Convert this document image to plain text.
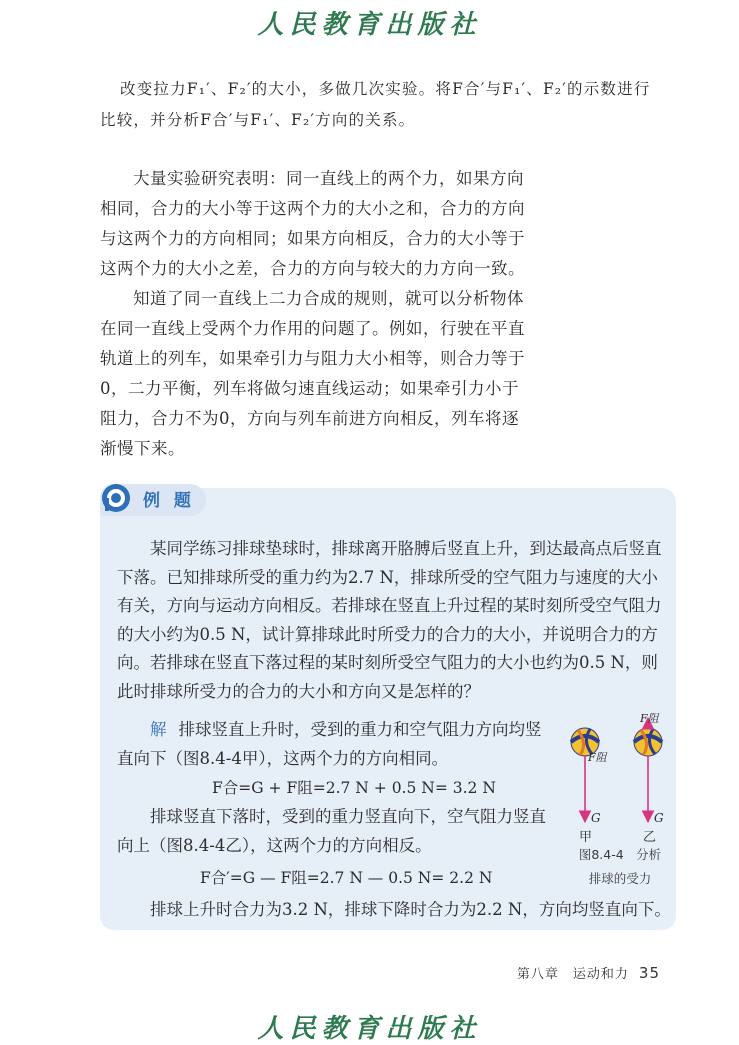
人民教育出版社
改变拉力F₁′、F₂′的大小，多做几次实验。将F合′与F₁′、F₂′的示数进行
比较，并分析F合′与F₁′、F₂′方向的关系。
大量实验研究表明：同一直线上的两个力，如果方向相同，合力的大小等于这两个力的大小之和，合力的方向与这两个力的方向相同；如果方向相反，合力的大小等于这两个力的大小之差，合力的方向与较大的力方向一致。
知道了同一直线上二力合成的规则，就可以分析物体在同一直线上受两个力作用的问题了。例如，行驶在平直轨道上的列车，如果牵引力与阻力大小相等，则合力等于0，二力平衡，列车将做匀速直线运动；如果牵引力小于阻力，合力不为0，方向与列车前进方向相反，列车将逐渐慢下来。
例 题
某同学练习排球垫球时，排球离开胳膊后竖直上升，到达最高点后竖直下落。已知排球所受的重力约为2.7 N，排球所受的空气阻力与速度的大小有关，方向与运动方向相反。若排球在竖直上升过程的某时刻所受空气阻力的大小约为0.5 N，试计算排球此时所受力的合力的大小，并说明合力的方向。若排球在竖直下落过程的某时刻所受空气阻力的大小也约为0.5 N，则此时排球所受力的合力的大小和方向又是怎样的？
解 排球竖直上升时，受到的重力和空气阻力方向均竖直向下（图8.4-4甲），这两个力的方向相同。
F合=G + F阻=2.7 N + 0.5 N= 3.2 N
排球竖直下落时，受到的重力竖直向下，空气阻力竖直向上（图8.4-4乙），这两个力的方向相反。
F合′=G — F阻=2.7 N — 0.5 N= 2.2 N
排球上升时合力为3.2 N，排球下降时合力为2.2 N，方向均竖直向下。
F阻
F阻
G	G
甲	乙
图8.4-4　分析
排球的受力
第八章　运动和力 35
人民教育出版社
